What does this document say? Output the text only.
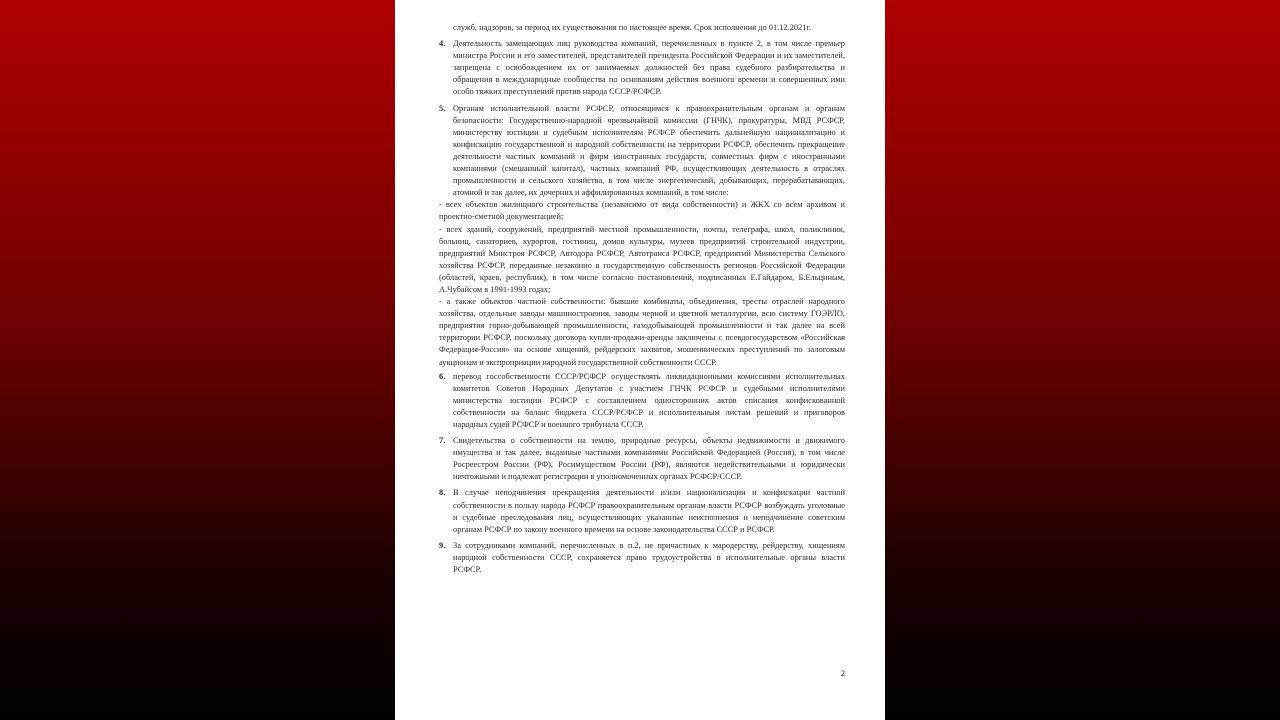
служб, надзоров, за период их существования по настоящее время. Срок исполнения до 01.12.2021г.

4. Деятельность замещающих лиц руководства компаний, перечисленных в пункте 2, в том числе премьер министра России и его заместителей, представителей президента Российской Федерации и их заместителей, запрещена с освобождением их от занимаемых должностей без права судебного разбирательства и обращения в международные сообщества по основаниям действия военного времени и совершенных ими особо тяжких преступлений против народа СССР/РСФСР.
5. Органам исполнительной власти РСФСР, относящимся к правоохранительным органам и органам безопасности: Государственно-народной чрезвычайной комиссии (ГНЧК), прокуратуры, МВД РСФСР, министерству юстиции и судебным исполнителям РСФСР обеспечить дальнейшую национализацию и конфискацию государственной и народной собственности на территории РСФСР, обеспечить прекращение деятельности частных компаний и фирм иностранных государств, совместных фирм с иностранными компаниями (смешанный капитал), частных компаний РФ, осуществляющих деятельность в отраслях промышленности и сельского хозяйства, в том числе энергетической, добывающих, перерабатывающих, атомной и так далее, их дочерних и аффилированных компаний, в том числе:

- всех объектов жилищного строительства (независимо от вида собственности) и ЖКХ со всем архивом и проектно-сметной документацией;

- всех зданий, сооружений, предприятий местной промышленности, почты, телеграфа, школ, поликлиник, больниц, санаториев, курортов, гостиниц, домов культуры, музеев предприятий строительной индустрии, предприятий Минстроя РСФСР, Автодора РСФСР, Автотранса РСФСР, предприятий Министерства Сельского хозяйства РСФСР, переданные незаконно в государственную собственность регионов Российской Федерации (областей, краев, республик), в том числе согласно постановлений, подписанных Е.Гайдаром, Б.Ельциным, А.Чубайсом в 1991-1993 годах;

- а также объектов частной собственности: бывшие комбинаты, объединения, тресты отраслей народного хозяйства, отдельные заводы машиностроения, заводы черной и цветной металлургии, всю систему ГОЭРЛО, предприятия горно-добывающей промышленности, газодобывающей промышленности и так далее на всей территории РСФСР, поскольку договора купли-продажи-аренды заключены с псевдогосударством «Российская Федерация-Россия» на основе хищений, рейдерских захватов, мошеннических преступлений по залоговым аукционам и экспроприации народной государственной собственности СССР.

6. перевод госсобственности СССР/РСФСР осуществлять ликвидационными комиссиями исполнительных комитетов Советов Народных Депутатов с участием ГНЧК РСФСР и судебными исполнителями министерства юстиции РСФСР с составлением односторонних актов списания конфискованной собственности на баланс бюджета СССР/РСФСР и исполнительным листам решений и приговоров народных судей РСФСР и военного трибунала СССР.
7. Свидетельства о собственности на землю, природные ресурсы, объекты недвижимости и движимого имущества и так далее, выданные частными компаниями Российской Федерацией (Россия), в том числе Росреестром России (РФ), Росимуществом России (РФ), являются недействительными и юридически ничтожными и подлежат регистрации в уполномоченных органах РСФСР/СССР.
8. В случае неподчинения прекращения деятельности и/или национализации и конфискации частной собственности в пользу народа РСФСР правоохранительным органам власти РСФСР возбуждать уголовные и судебные преследования лиц, осуществляющих указанные неисполнения и неподчинение советским органам РСФСР по закону военного времени на основе законодательства СССР и РСФСР.
9. За сотрудниками компаний, перечисленных в п.2, не причастных к мародерству, рейдерству, хищениям народной собственности СССР, сохраняется право трудоустройства в исполнительные органы власти РСФСР.
2
